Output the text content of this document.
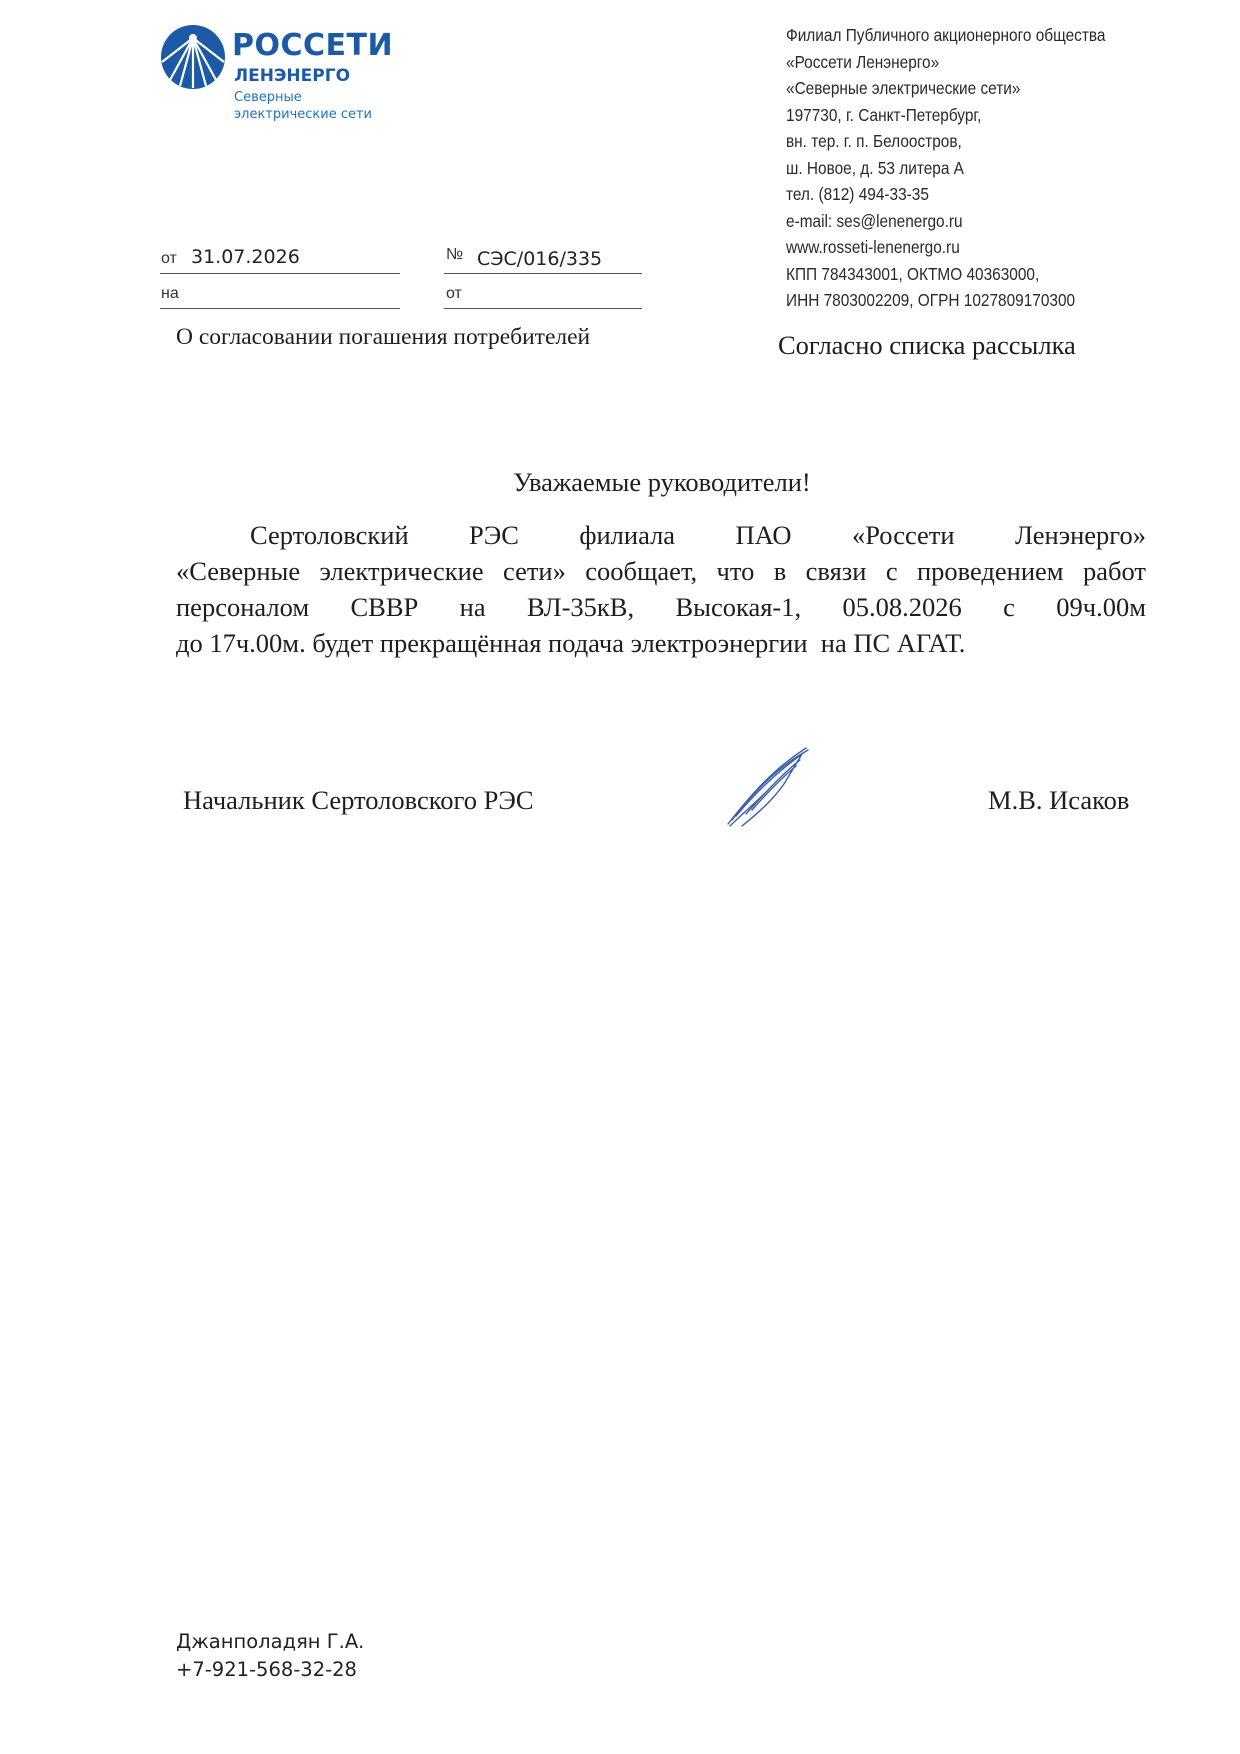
РОССЕТИ
ЛЕНЭНЕРГО
Северные
электрические сети
Филиал Публичного акционерного общества
«Россети Ленэнерго»
«Северные электрические сети»
197730, г. Санкт-Петербург,
вн. тер. г. п. Белоостров,
ш. Новое, д. 53 литера А
тел. (812) 494-33-35
e-mail: ses@lenenergo.ru
www.rosseti-lenenergo.ru
КПП 784343001, ОКТМО 40363000,
ИНН 7803002209, ОГРН 1027809170300
от 31.07.2026	№ СЭС/016/335
на	от
О согласовании погашения потребителей	Согласно списка рассылка
Уважаемые руководители!
Сертоловский РЭС филиала ПАО «Россети Ленэнерго»
«Северные электрические сети» сообщает, что в связи с проведением работ
персоналом СВВР на ВЛ-35кВ, Высокая-1, 05.08.2026 с 09ч.00м
до 17ч.00м. будет прекращённая подача электроэнергии  на ПС АГАТ.
Начальник Сертоловского РЭС	М.В. Исаков
Джанполадян Г.А.
+7-921-568-32-28
